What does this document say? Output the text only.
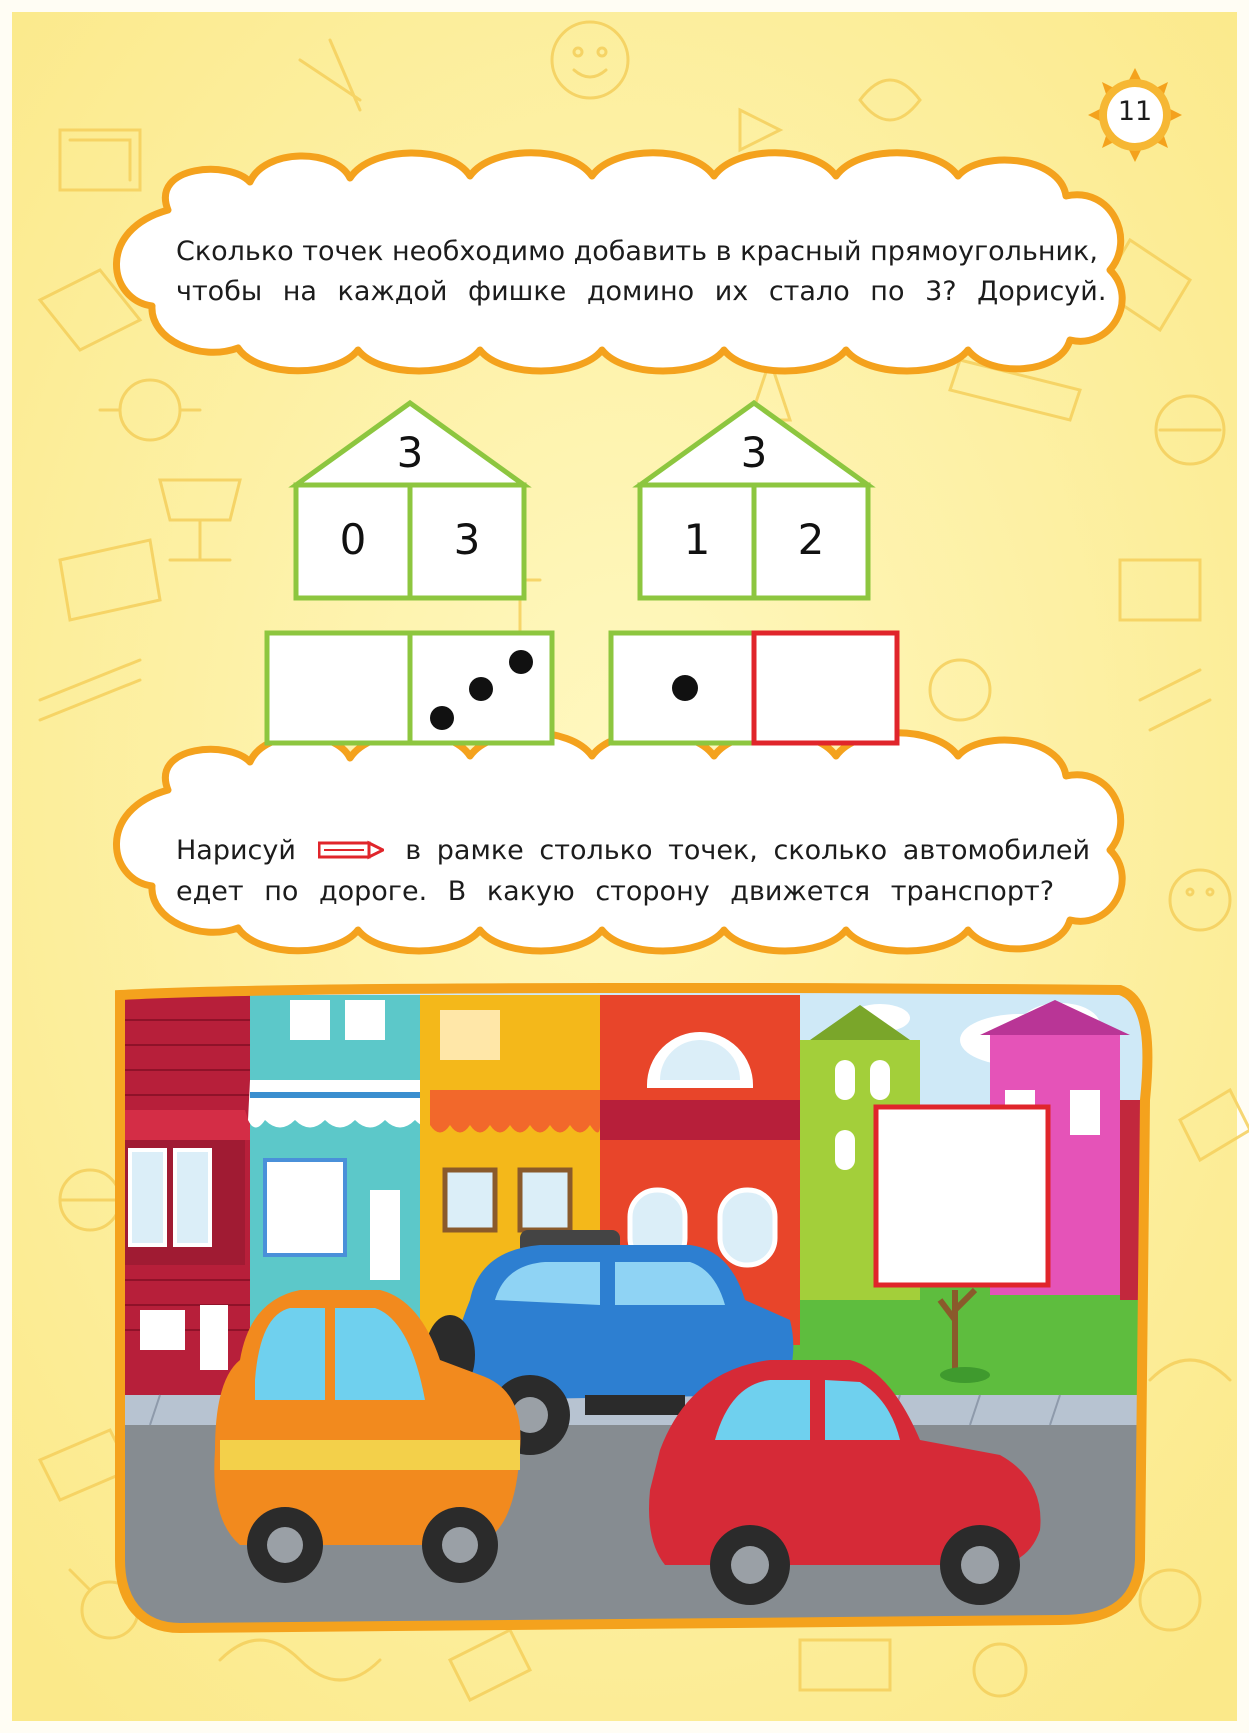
11
Сколько точек необходимо добавить в красный прямоугольник,
чтобы на каждой фишке домино их стало по 3? Дорисуй.
3
0	3
3
1	2
Нарисуй	в рамке столько точек, сколько автомобилей
едет по дороге. В какую сторону движется транспорт?
